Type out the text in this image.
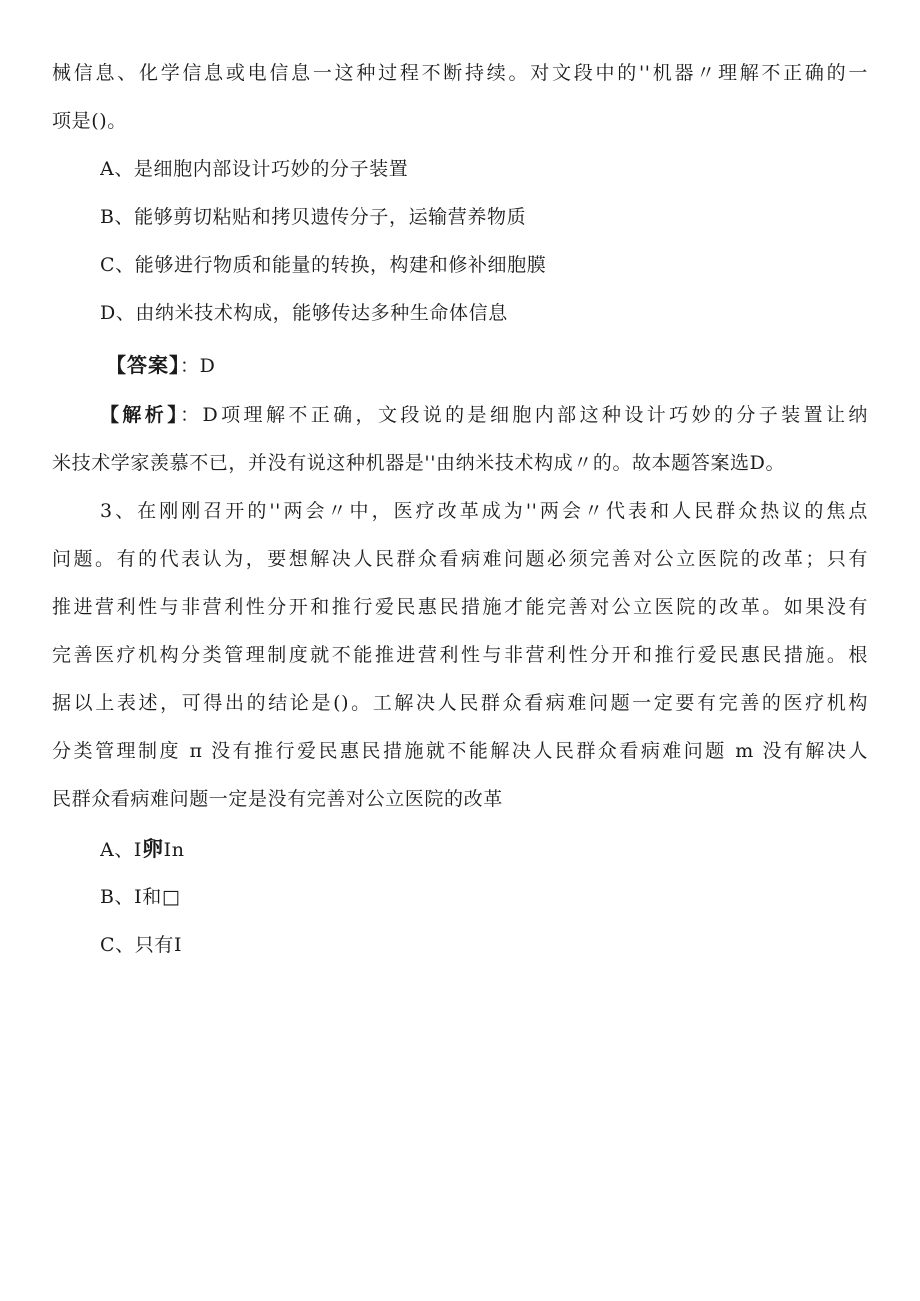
械信息、化学信息或电信息一这种过程不断持续。对文段中的''机器〃理解不正确的一
项是()。
A、是细胞内部设计巧妙的分子装置
B、能够剪切粘贴和拷贝遗传分子，运输营养物质
C、能够进行物质和能量的转换，构建和修补细胞膜
D、由纳米技术构成，能够传达多种生命体信息
【答案】：D
【解析】：D项理解不正确，文段说的是细胞内部这种设计巧妙的分子装置让纳
米技术学家羡慕不已，并没有说这种机器是''由纳米技术构成〃的。故本题答案选D。
3、在刚刚召开的''两会〃中，医疗改革成为''两会〃代表和人民群众热议的焦点
问题。有的代表认为，要想解决人民群众看病难问题必须完善对公立医院的改革；只有
推进营利性与非营利性分开和推行爱民惠民措施才能完善对公立医院的改革。如果没有
完善医疗机构分类管理制度就不能推进营利性与非营利性分开和推行爱民惠民措施。根
据以上表述，可得出的结论是()。工解决人民群众看病难问题一定要有完善的医疗机构
分类管理制度 π 没有推行爱民惠民措施就不能解决人民群众看病难问题 m 没有解决人
民群众看病难问题一定是没有完善对公立医院的改革
A、I卵In
B、I和□
C、只有I
